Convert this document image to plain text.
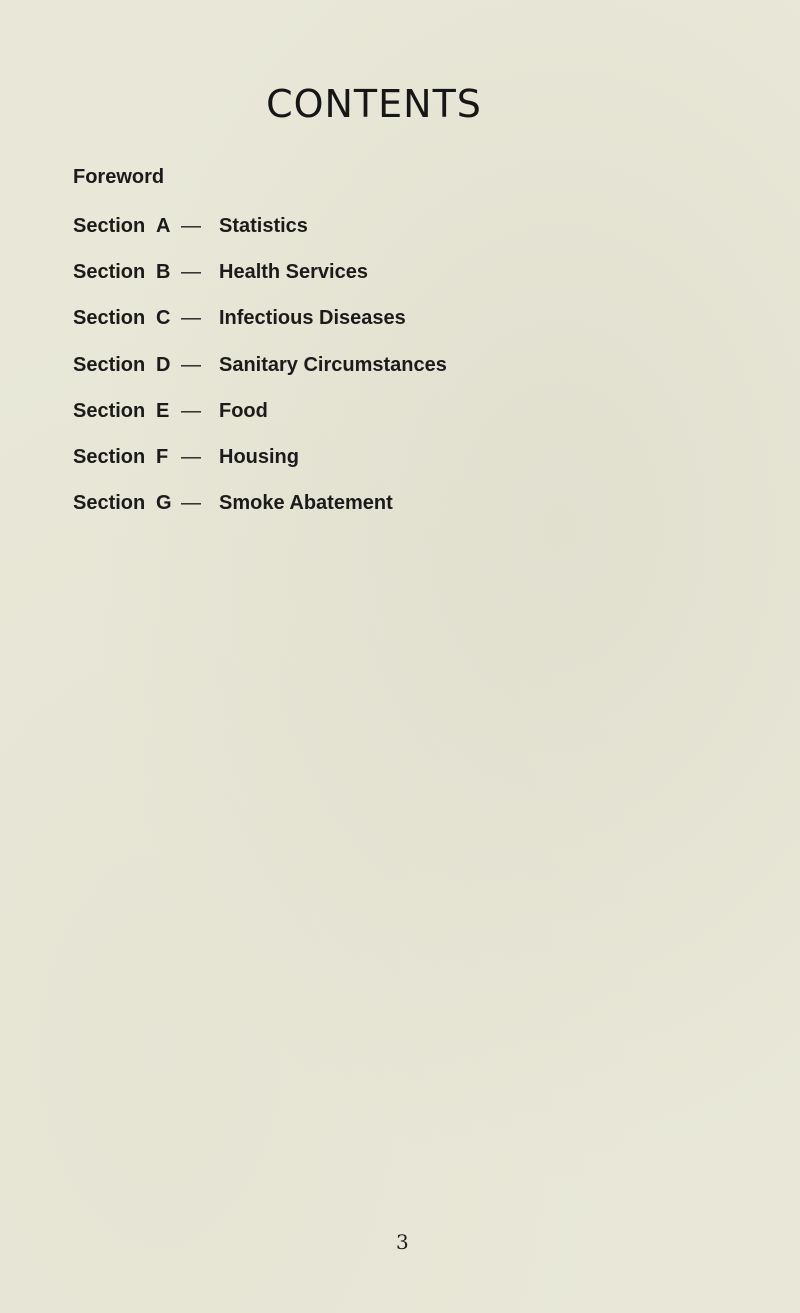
CONTENTS
Foreword
Section A — Statistics
Section B — Health Services
Section C — Infectious Diseases
Section D — Sanitary Circumstances
Section E — Food
Section F — Housing
Section G — Smoke Abatement
3
